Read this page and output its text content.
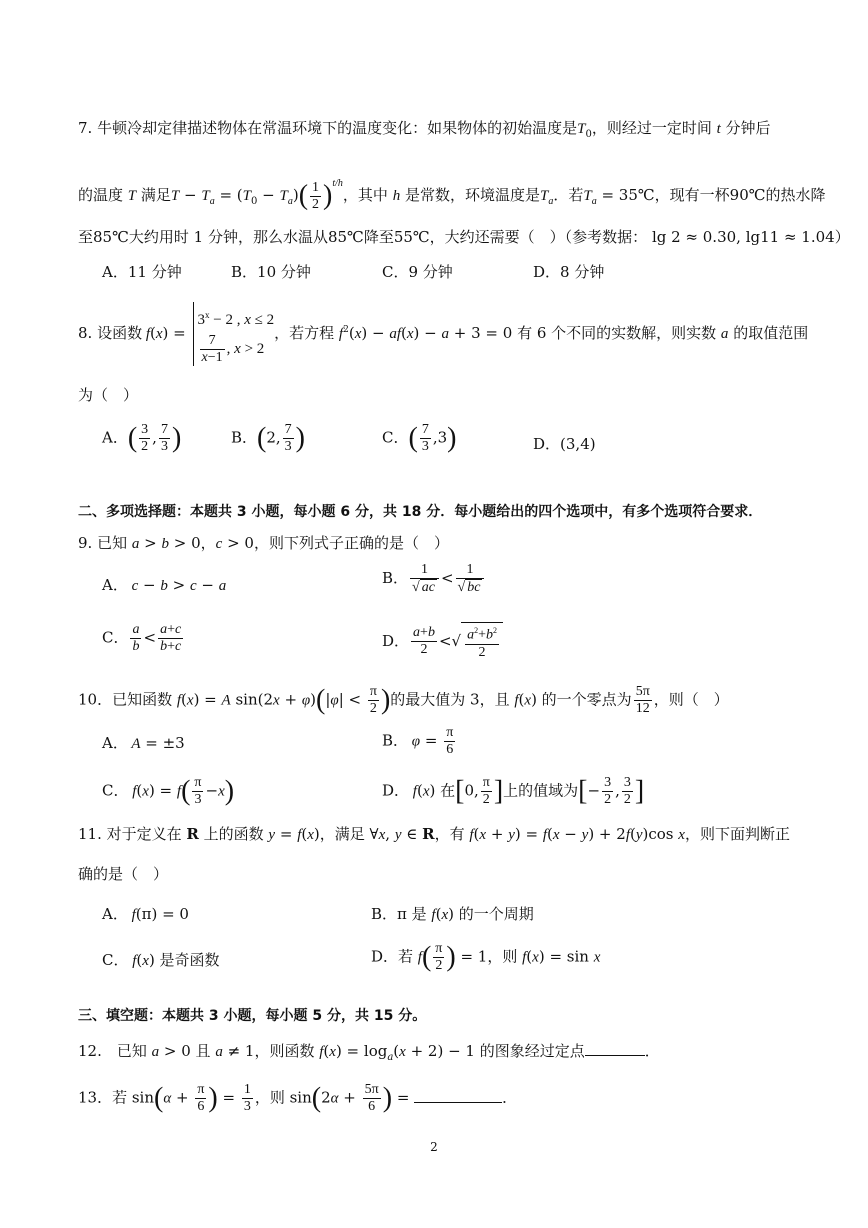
7. 牛顿冷却定律描述物体在常温环境下的温度变化：如果物体的初始温度是$T_0$，则经过一定时间 t 分钟后
的温度 T 满足$T - T_a = (T_0 - T_a)( \frac{1}{2} )^{t/h}$，其中 h 是常数，环境温度是$T_a$．若$T_a$ = 35℃，现有一杯90℃的热水降
至85℃大约用时 1 分钟，那么水温从85℃降至55℃，大约还需要（　）（参考数据： lg 2 ≈ 0.30, lg11 ≈ 1.04）
A．11 分钟	B．10 分钟	C．9 分钟	D．8 分钟
8. 设函数 f(x) =
$3^x - 2$ , x ≤ 2
$\frac{7}{x-1}$ , x > 2
，若方程 $f^2(x) - af(x) - a + 3 = 0$ 有 6 个不同的实数解，则实数 a 的取值范围
为（　）
A．( $\frac{3}{2}$ , $\frac{7}{3}$ )	B．(2, $\frac{7}{3}$ )	C．( $\frac{7}{3} ,3$)	D．(3,4)
二、多项选择题：本题共 3 小题，每小题 6 分，共 18 分．每小题给出的四个选项中，有多个选项符合要求．
9. 已知 a > b > 0，c > 0，则下列式子正确的是（　）
A． c − b > c − a	B． $\frac{1}{√ ac} < \frac{1}{√ bc}$
C． $\frac{a}{b} < \frac{a+c}{b+c}$	D． $\frac{a+b}{2}$ <√ $\frac{a^2+b^2}{2}$
10．已知函数 f(x) = A $\sin(2x + \varphi)(|\varphi| < \frac{\pi}{2}$ )的最大值为 3，且 f(x) 的一个零点为 $\frac{5\pi}{12}$ ，则（　）
A． A = ±3	B． $\varphi = \frac{\pi}{6}$
C． $f(x) = f( \frac{\pi}{3} -x)$	D． f(x) 在[0, $\frac{\pi}{2}$ ]上的值域为[− $\frac{3}{2}$ , $\frac{3}{2}$ ]
11. 对于定义在 R 上的函数 y = f(x)，满足 ∀x, y ∈ R，有 f(x + y) = f(x − y) + 2f(y)cos x，则下面判断正
确的是（　）
A． f(π) = 0	B．π 是 f(x) 的一个周期
C． f(x) 是奇函数	D．若 $f( \frac{\pi}{2}$ ) = 1，则 f(x) = sin x
三、填空题：本题共 3 小题，每小题 5 分，共 15 分。
12.　已知 a > 0 且 a ≠ 1，则函数 $f(x) = \log_a(x + 2) - 1$ 的图象经过定点	．
13．若 $\sin(\alpha + \frac{\pi}{6}$ ) = $\frac{1}{3}$ ，则 $\sin(2\alpha + \frac{5\pi}{6}$ ) =	．
2
